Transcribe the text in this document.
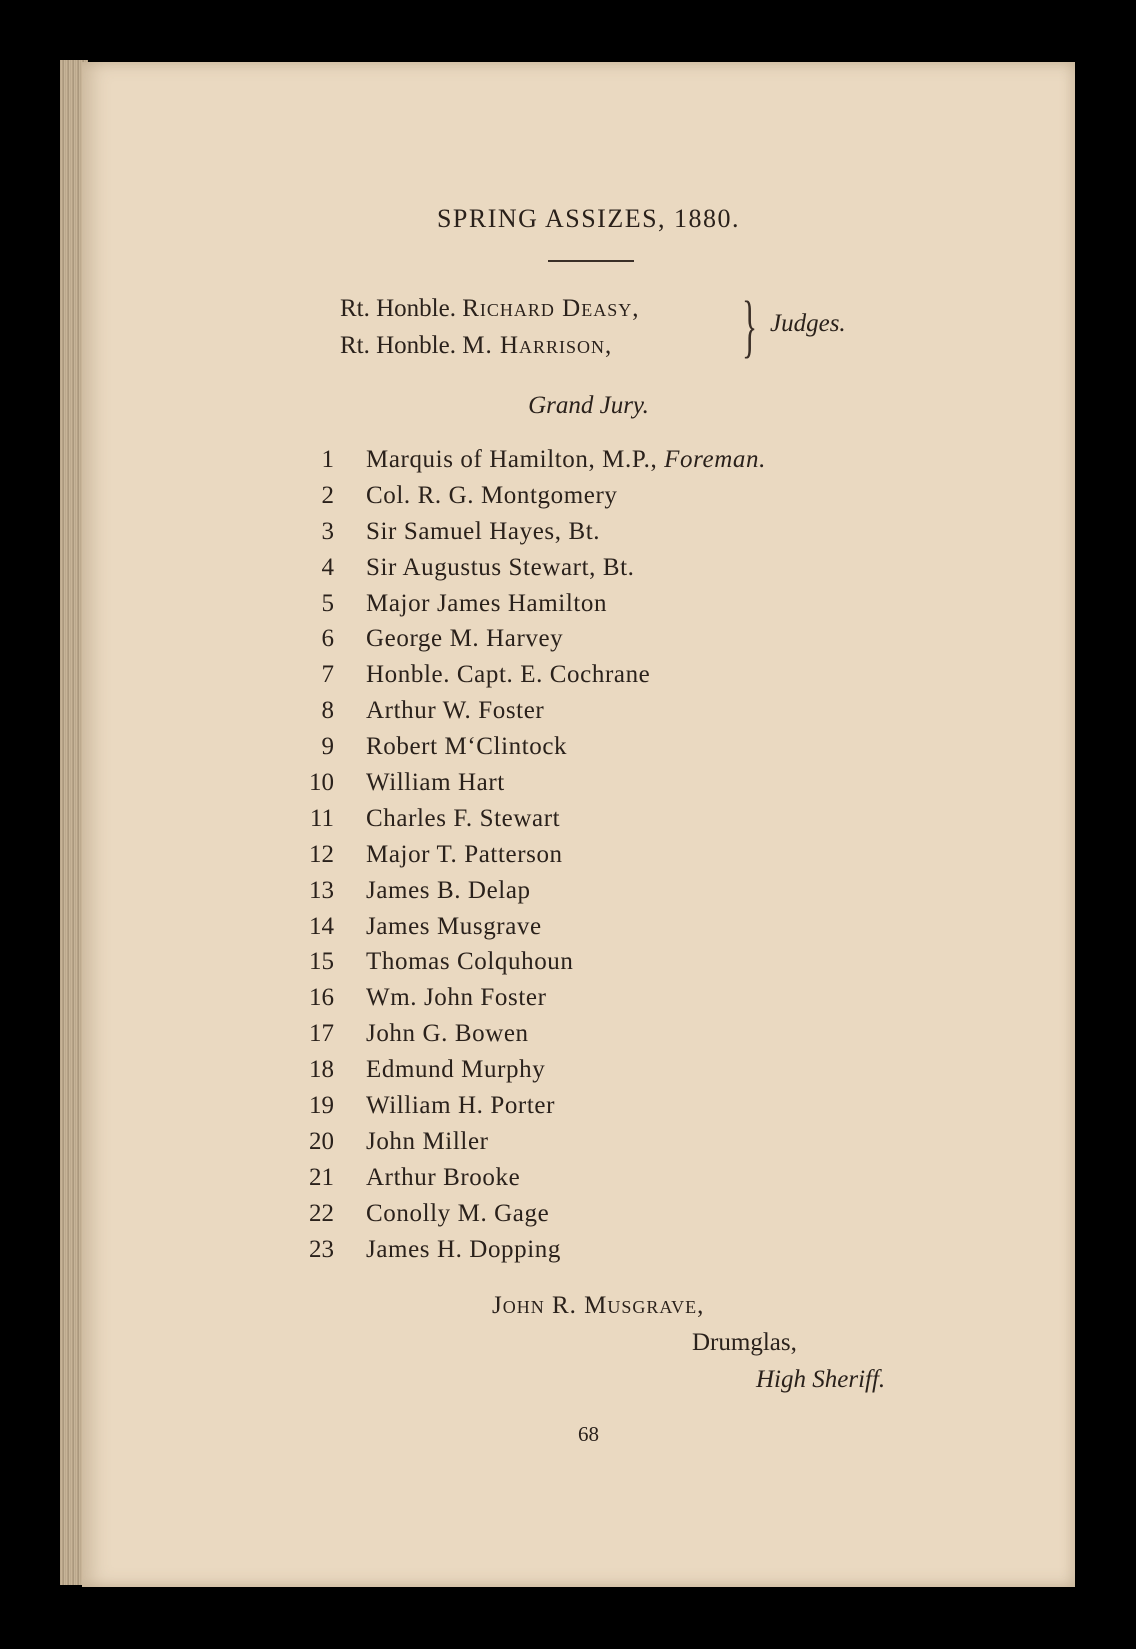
SPRING ASSIZES, 1880.
Rt. Honble. Richard Deasy,
Rt. Honble. M. Harrison,	} Judges.
Grand Jury.
1 Marquis of Hamilton, M.P., Foreman.
2 Col. R. G. Montgomery
3 Sir Samuel Hayes, Bt.
4 Sir Augustus Stewart, Bt.
5 Major James Hamilton
6 George M. Harvey
7 Honble. Capt. E. Cochrane
8 Arthur W. Foster
9 Robert M‘Clintock
10 William Hart
11 Charles F. Stewart
12 Major T. Patterson
13 James B. Delap
14 James Musgrave
15 Thomas Colquhoun
16 Wm. John Foster
17 John G. Bowen
18 Edmund Murphy
19 William H. Porter
20 John Miller
21 Arthur Brooke
22 Conolly M. Gage
23 James H. Dopping
John R. Musgrave,
Drumglas,
High Sheriff.
68
